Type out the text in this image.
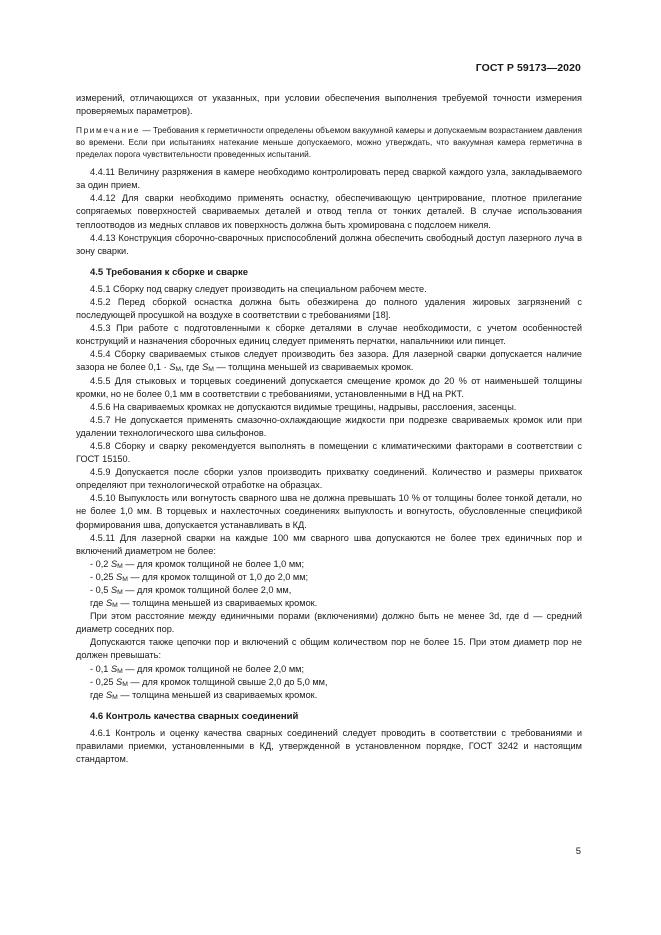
ГОСТ Р 59173—2020

измерений, отличающихся от указанных, при условии обеспечения выполнения требуемой точности измерения проверяемых параметров).

Примечание — Требования к герметичности определены объемом вакуумной камеры и допускаемым возрастанием давления во времени. Если при испытаниях натекание меньше допускаемого, можно утверждать, что вакуумная камера герметична в пределах порога чувствительности проведенных испытаний.

4.4.11 Величину разряжения в камере необходимо контролировать перед сваркой каждого узла, закладываемого за один прием.

4.4.12 Для сварки необходимо применять оснастку, обеспечивающую центрирование, плотное прилегание сопрягаемых поверхностей свариваемых деталей и отвод тепла от тонких деталей. В случае использования теплоотводов из медных сплавов их поверхность должна быть хромирована с подслоем никеля.

4.4.13 Конструкция сборочно-сварочных приспособлений должна обеспечить свободный доступ лазерного луча в зону сварки.

4.5 Требования к сборке и сварке

4.5.1 Сборку под сварку следует производить на специальном рабочем месте.

4.5.2 Перед сборкой оснастка должна быть обезжирена до полного удаления жировых загрязнений с последующей просушкой на воздухе в соответствии с требованиями [18].

4.5.3 При работе с подготовленными к сборке деталями в случае необходимости, с учетом особенностей конструкций и назначения сборочных единиц следует применять перчатки, напальчники или пинцет.

4.5.4 Сборку свариваемых стыков следует производить без зазора. Для лазерной сварки допускается наличие зазора не более $0,1 \cdot S_М$, где $S_М$ — толщина меньшей из свариваемых кромок.

4.5.5 Для стыковых и торцевых соединений допускается смещение кромок до 20 % от наименьшей толщины кромки, но не более 0,1 мм в соответствии с требованиями, установленными в НД на РКТ.

4.5.6 На свариваемых кромках не допускаются видимые трещины, надрывы, расслоения, засенцы.

4.5.7 Не допускается применять смазочно-охлаждающие жидкости при подрезке свариваемых кромок или при удалении технологического шва сильфонов.

4.5.8 Сборку и сварку рекомендуется выполнять в помещении с климатическими факторами в соответствии с ГОСТ 15150.

4.5.9 Допускается после сборки узлов производить прихватку соединений. Количество и размеры прихваток определяют при технологической отработке на образцах.

4.5.10 Выпуклость или вогнутость сварного шва не должна превышать 10 % от толщины более тонкой детали, но не более 1,0 мм. В торцевых и нахлесточных соединениях выпуклость и вогнутость, обусловленные спецификой формирования шва, допускается устанавливать в КД.

4.5.11 Для лазерной сварки на каждые 100 мм сварного шва допускаются не более трех единичных пор и включений диаметром не более:

- 0,2 $S_М$ — для кромок толщиной не более 1,0 мм;

- 0,25 $S_М$ — для кромок толщиной от 1,0 до 2,0 мм;

- 0,5 $S_М$ — для кромок толщиной более 2,0 мм,

где $S_М$ — толщина меньшей из свариваемых кромок.

При этом расстояние между единичными порами (включениями) должно быть не менее 3d, где d — средний диаметр соседних пор.

Допускаются также цепочки пор и включений с общим количеством пор не более 15. При этом диаметр пор не должен превышать:

- 0,1 $S_М$ — для кромок толщиной не более 2,0 мм;

- 0,25 $S_М$ — для кромок толщиной свыше 2,0 до 5,0 мм,

где $S_М$ — толщина меньшей из свариваемых кромок.

4.6 Контроль качества сварных соединений

4.6.1 Контроль и оценку качества сварных соединений следует проводить в соответствии с требованиями и правилами приемки, установленными в КД, утвержденной в установленном порядке, ГОСТ 3242 и настоящим стандартом.

5
